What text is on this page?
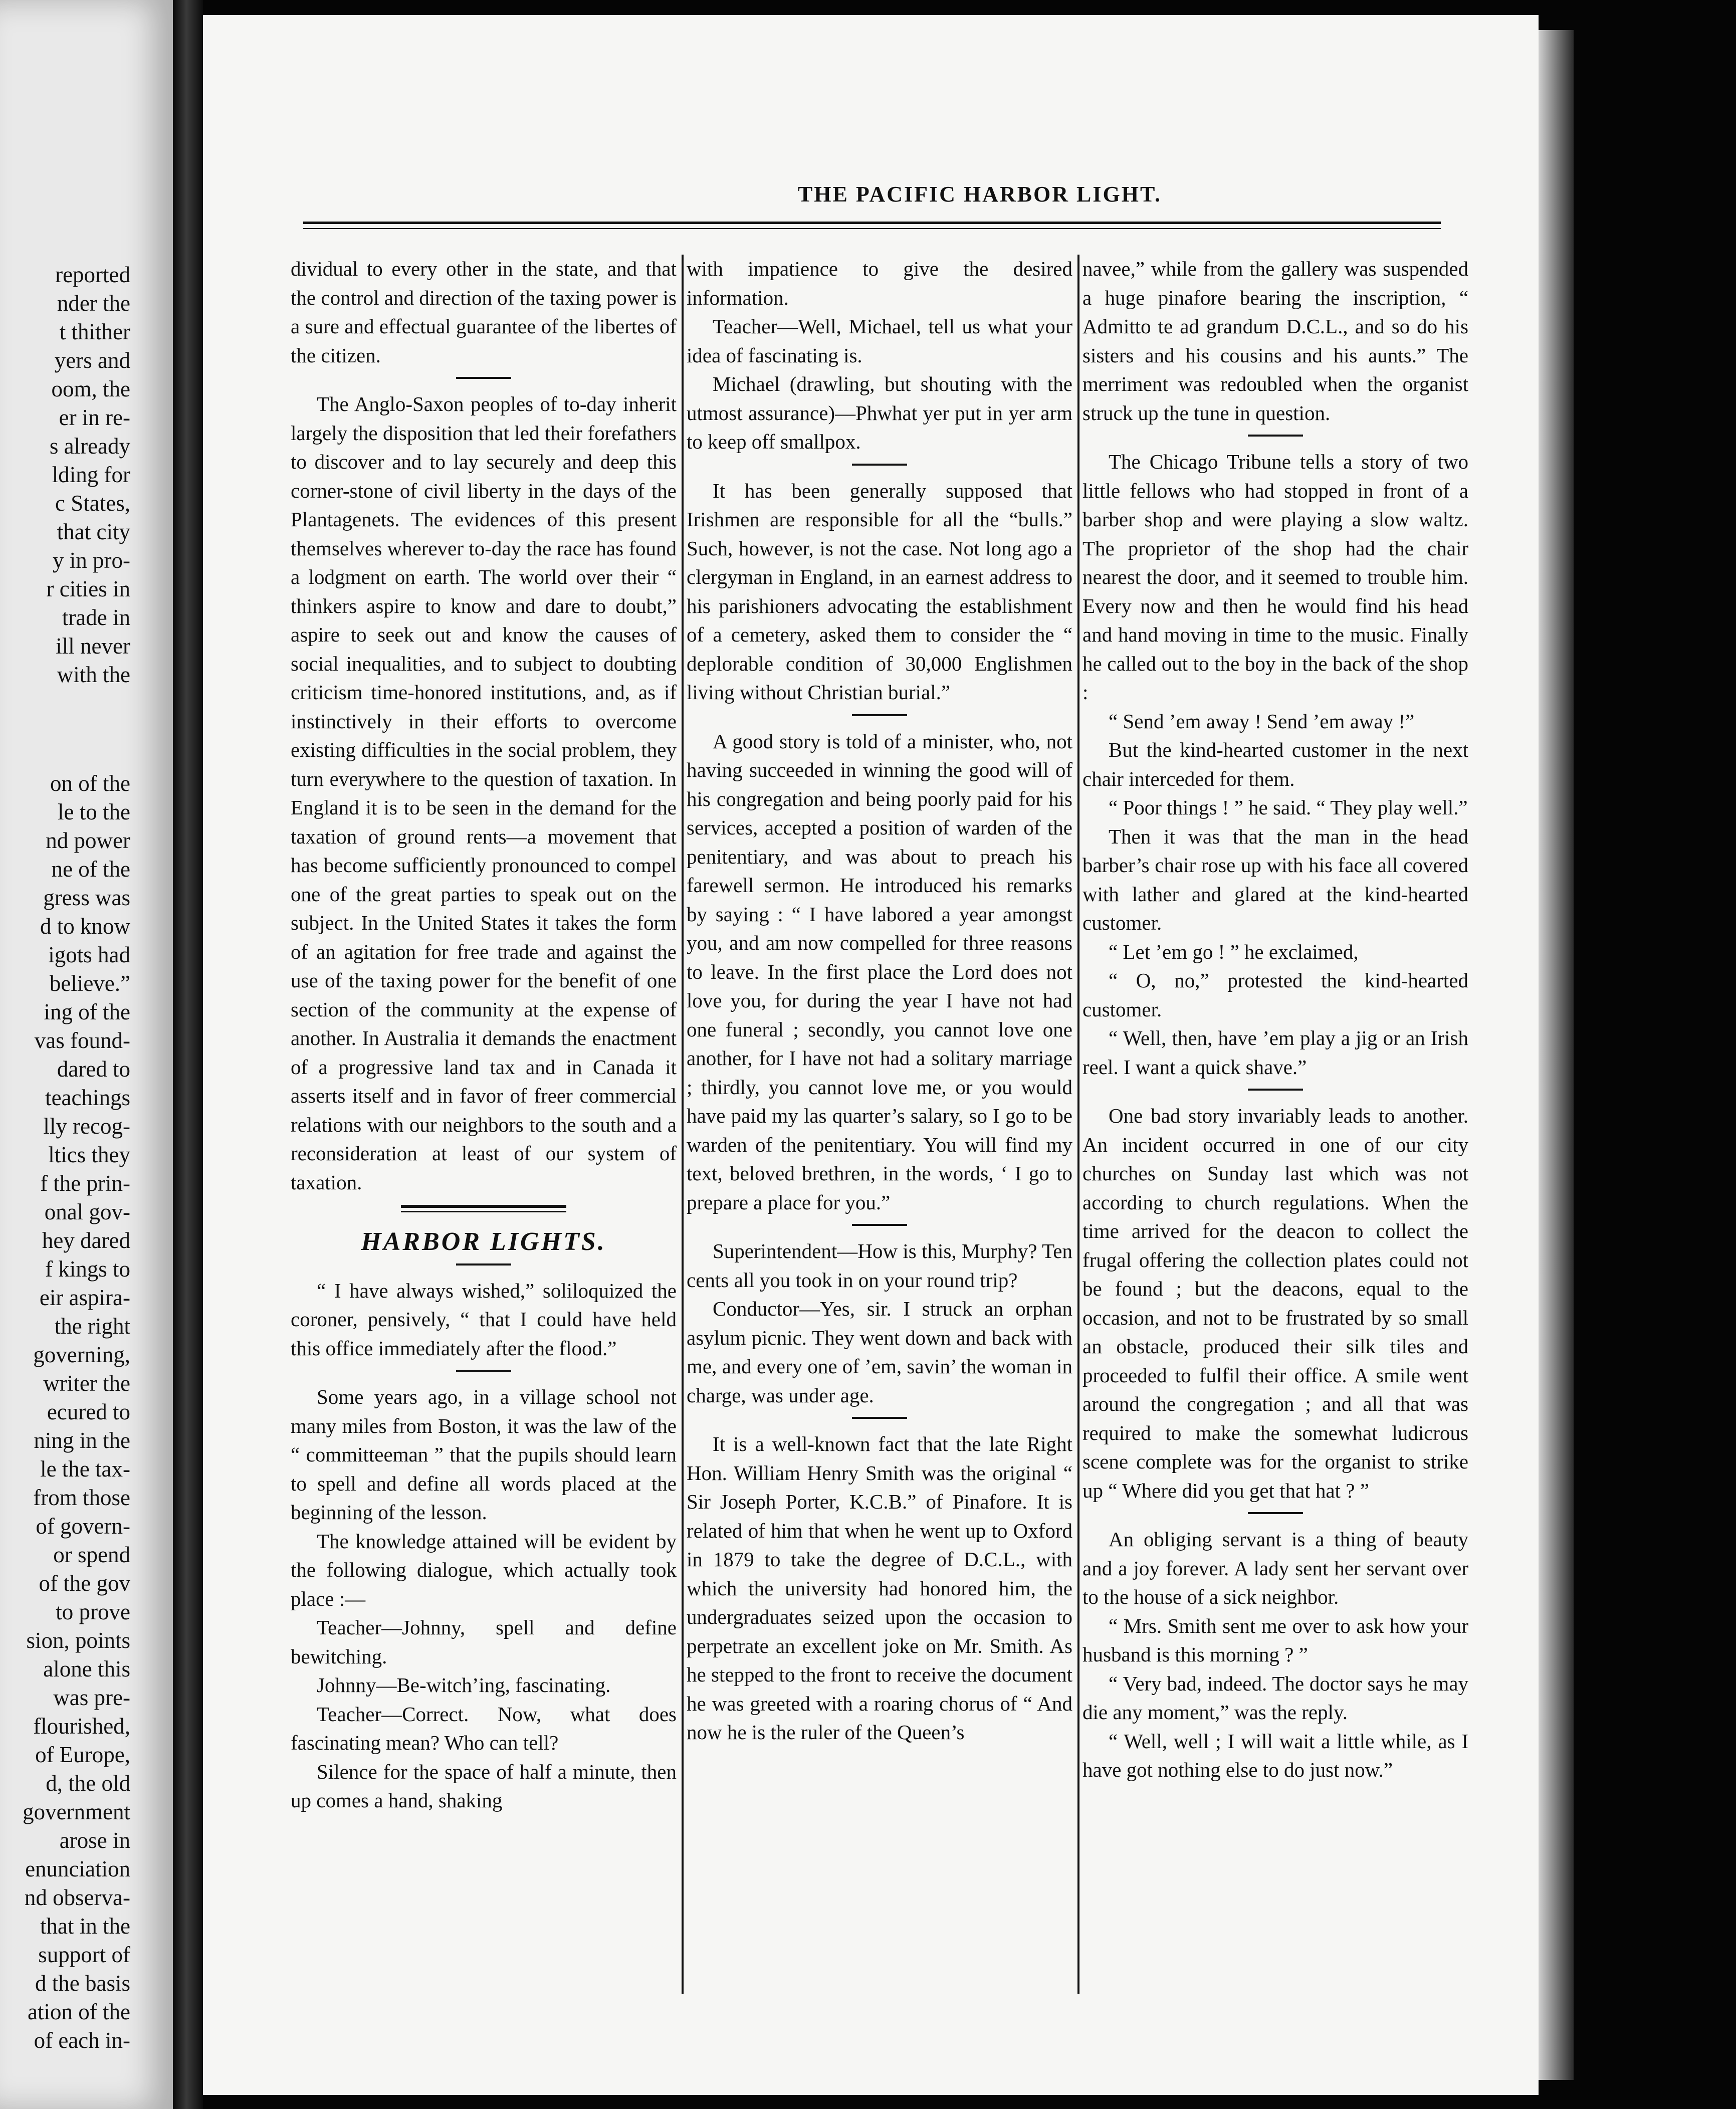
reported
nder the
t thither
yers and
oom, the
er in re-
s already
lding for
c States,
that city
y in pro-
r cities in
trade in
ill never
with the
on of the
le to the
nd power
ne of the
gress was
d to know
igots had
believe.”
ing of the
vas found-
dared to
teachings
lly recog-
ltics they
f the prin-
onal gov-
hey dared
f kings to
eir aspira-
the right
governing,
writer the
ecured to
ning in the
le the tax-
from those
of govern-
or spend
of the gov
to prove
sion, points
alone this
was pre-
flourished,
of Europe,
d, the old
government
arose in
enunciation
nd observa-
that in the
support of
d the basis
ation of the
of each in-
THE PACIFIC HARBOR LIGHT.

dividual to every other in the state, and that the control and direction of the taxing power is a sure and effectual guarantee of the libertes of the citizen.

The Anglo-Saxon peoples of to-day inherit largely the disposition that led their forefathers to discover and to lay securely and deep this corner-stone of civil liberty in the days of the Plantagenets. The evidences of this present themselves wherever to-day the race has found a lodgment on earth. The world over their “ thinkers aspire to know and dare to doubt,” aspire to seek out and know the causes of social inequalities, and to subject to doubting criticism time-honored institutions, and, as if instinctively in their efforts to overcome existing difficulties in the social problem, they turn everywhere to the question of taxation. In England it is to be seen in the demand for the taxation of ground rents—a movement that has become sufficiently pronounced to compel one of the great parties to speak out on the subject. In the United States it takes the form of an agitation for free trade and against the use of the taxing power for the benefit of one section of the community at the expense of another. In Australia it demands the enactment of a progressive land tax and in Canada it asserts itself and in favor of freer commercial relations with our neighbors to the south and a reconsideration at least of our system of taxation.

HARBOR LIGHTS.

“ I have always wished,” soliloquized the coroner, pensively, “ that I could have held this office immediately after the flood.”

Some years ago, in a village school not many miles from Boston, it was the law of the “ committeeman ” that the pupils should learn to spell and define all words placed at the beginning of the lesson.

The knowledge attained will be evident by the following dialogue, which actually took place :—

Teacher—Johnny, spell and define bewitching.

Johnny—Be-witch’ing, fascinating.

Teacher—Correct. Now, what does fascinating mean? Who can tell?

Silence for the space of half a minute, then up comes a hand, shaking

with impatience to give the desired information.

Teacher—Well, Michael, tell us what your idea of fascinating is.

Michael (drawling, but shouting with the utmost assurance)—Phwhat yer put in yer arm to keep off smallpox.

It has been generally supposed that Irishmen are responsible for all the “bulls.” Such, however, is not the case. Not long ago a clergyman in England, in an earnest address to his parishioners advocating the establishment of a cemetery, asked them to consider the “ deplorable condition of 30,000 Englishmen living without Christian burial.”

A good story is told of a minister, who, not having succeeded in winning the good will of his congregation and being poorly paid for his services, accepted a position of warden of the penitentiary, and was about to preach his farewell sermon. He introduced his remarks by saying : “ I have labored a year amongst you, and am now compelled for three reasons to leave. In the first place the Lord does not love you, for during the year I have not had one funeral ; secondly, you cannot love one another, for I have not had a solitary marriage ; thirdly, you cannot love me, or you would have paid my las quarter’s salary, so I go to be warden of the penitentiary. You will find my text, beloved brethren, in the words, ‘ I go to prepare a place for you.”

Superintendent—How is this, Murphy? Ten cents all you took in on your round trip?

Conductor—Yes, sir. I struck an orphan asylum picnic. They went down and back with me, and every one of ’em, savin’ the woman in charge, was under age.

It is a well-known fact that the late Right Hon. William Henry Smith was the original “ Sir Joseph Porter, K.C.B.” of Pinafore. It is related of him that when he went up to Oxford in 1879 to take the degree of D.C.L., with which the university had honored him, the undergraduates seized upon the occasion to perpetrate an excellent joke on Mr. Smith. As he stepped to the front to receive the document he was greeted with a roaring chorus of “ And now he is the ruler of the Queen’s

navee,” while from the gallery was suspended a huge pinafore bearing the inscription, “ Admitto te ad grandum D.C.L., and so do his sisters and his cousins and his aunts.” The merriment was redoubled when the organist struck up the tune in question.

The Chicago Tribune tells a story of two little fellows who had stopped in front of a barber shop and were playing a slow waltz. The proprietor of the shop had the chair nearest the door, and it seemed to trouble him. Every now and then he would find his head and hand moving in time to the music. Finally he called out to the boy in the back of the shop :

“ Send ’em away ! Send ’em away !”

But the kind-hearted customer in the next chair interceded for them.

“ Poor things ! ” he said. “ They play well.”

Then it was that the man in the head barber’s chair rose up with his face all covered with lather and glared at the kind-hearted customer.

“ Let ’em go ! ” he exclaimed,

“ O, no,” protested the kind-hearted customer.

“ Well, then, have ’em play a jig or an Irish reel. I want a quick shave.”

One bad story invariably leads to another. An incident occurred in one of our city churches on Sunday last which was not according to church regulations. When the time arrived for the deacon to collect the frugal offering the collection plates could not be found ; but the deacons, equal to the occasion, and not to be frustrated by so small an obstacle, produced their silk tiles and proceeded to fulfil their office. A smile went around the congregation ; and all that was required to make the somewhat ludicrous scene complete was for the organist to strike up “ Where did you get that hat ? ”

An obliging servant is a thing of beauty and a joy forever. A lady sent her servant over to the house of a sick neighbor.

“ Mrs. Smith sent me over to ask how your husband is this morning ? ”

“ Very bad, indeed. The doctor says he may die any moment,” was the reply.

“ Well, well ; I will wait a little while, as I have got nothing else to do just now.”
